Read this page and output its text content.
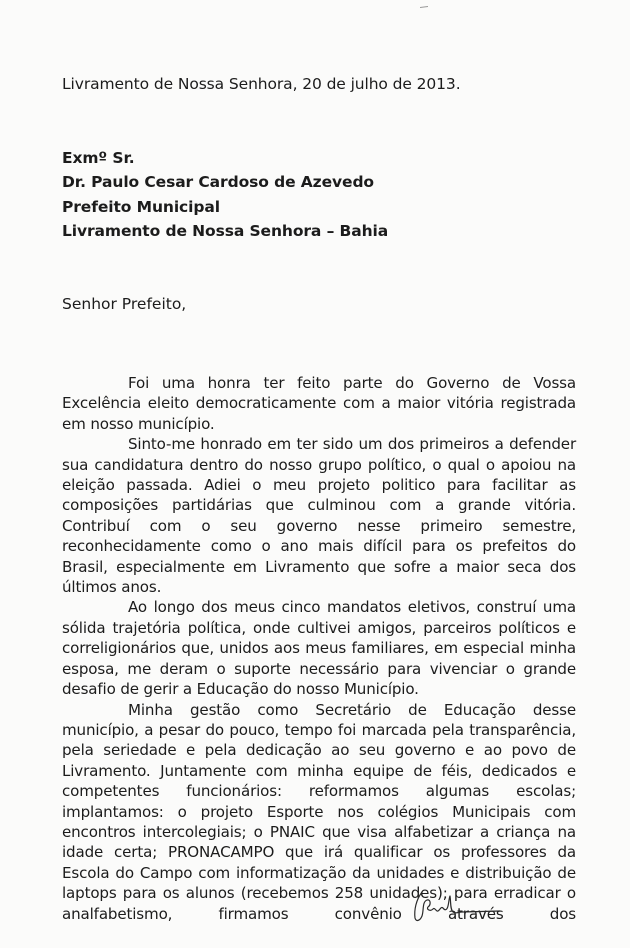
Livramento de Nossa Senhora, 20 de julho de 2013.
Exmº Sr.
Dr. Paulo Cesar Cardoso de Azevedo
Prefeito Municipal
Livramento de Nossa Senhora – Bahia
Senhor Prefeito,

Foi uma honra ter feito parte do Governo de Vossa Excelência eleito democraticamente com a maior vitória registrada em nosso município.

Sinto-me honrado em ter sido um dos primeiros a defender sua candidatura dentro do nosso grupo político, o qual o apoiou na eleição passada. Adiei o meu projeto politico para facilitar as composições partidárias que culminou com a grande vitória. Contribuí com o seu governo nesse primeiro semestre, reconhecidamente como o ano mais difícil para os prefeitos do Brasil, especialmente em Livramento que sofre a maior seca dos últimos anos.

Ao longo dos meus cinco mandatos eletivos, construí uma sólida trajetória política, onde cultivei amigos, parceiros políticos e correligionários que, unidos aos meus familiares, em especial minha esposa, me deram o suporte necessário para vivenciar o grande desafio de gerir a Educação do nosso Município.

Minha gestão como Secretário de Educação desse município, a pesar do pouco, tempo foi marcada pela transparência, pela seriedade e pela dedicação ao seu governo e ao povo de Livramento. Juntamente com minha equipe de féis, dedicados e competentes funcionários: reformamos algumas escolas; implantamos: o projeto Esporte nos colégios Municipais com encontros intercolegiais; o PNAIC que visa alfabetizar a criança na idade certa; PRONACAMPO que irá qualificar os professores da Escola do Campo com informatização da unidades e distribuição de laptops para os alunos (recebemos 258 unidades); para erradicar o analfabetismo, firmamos convênio através dos
